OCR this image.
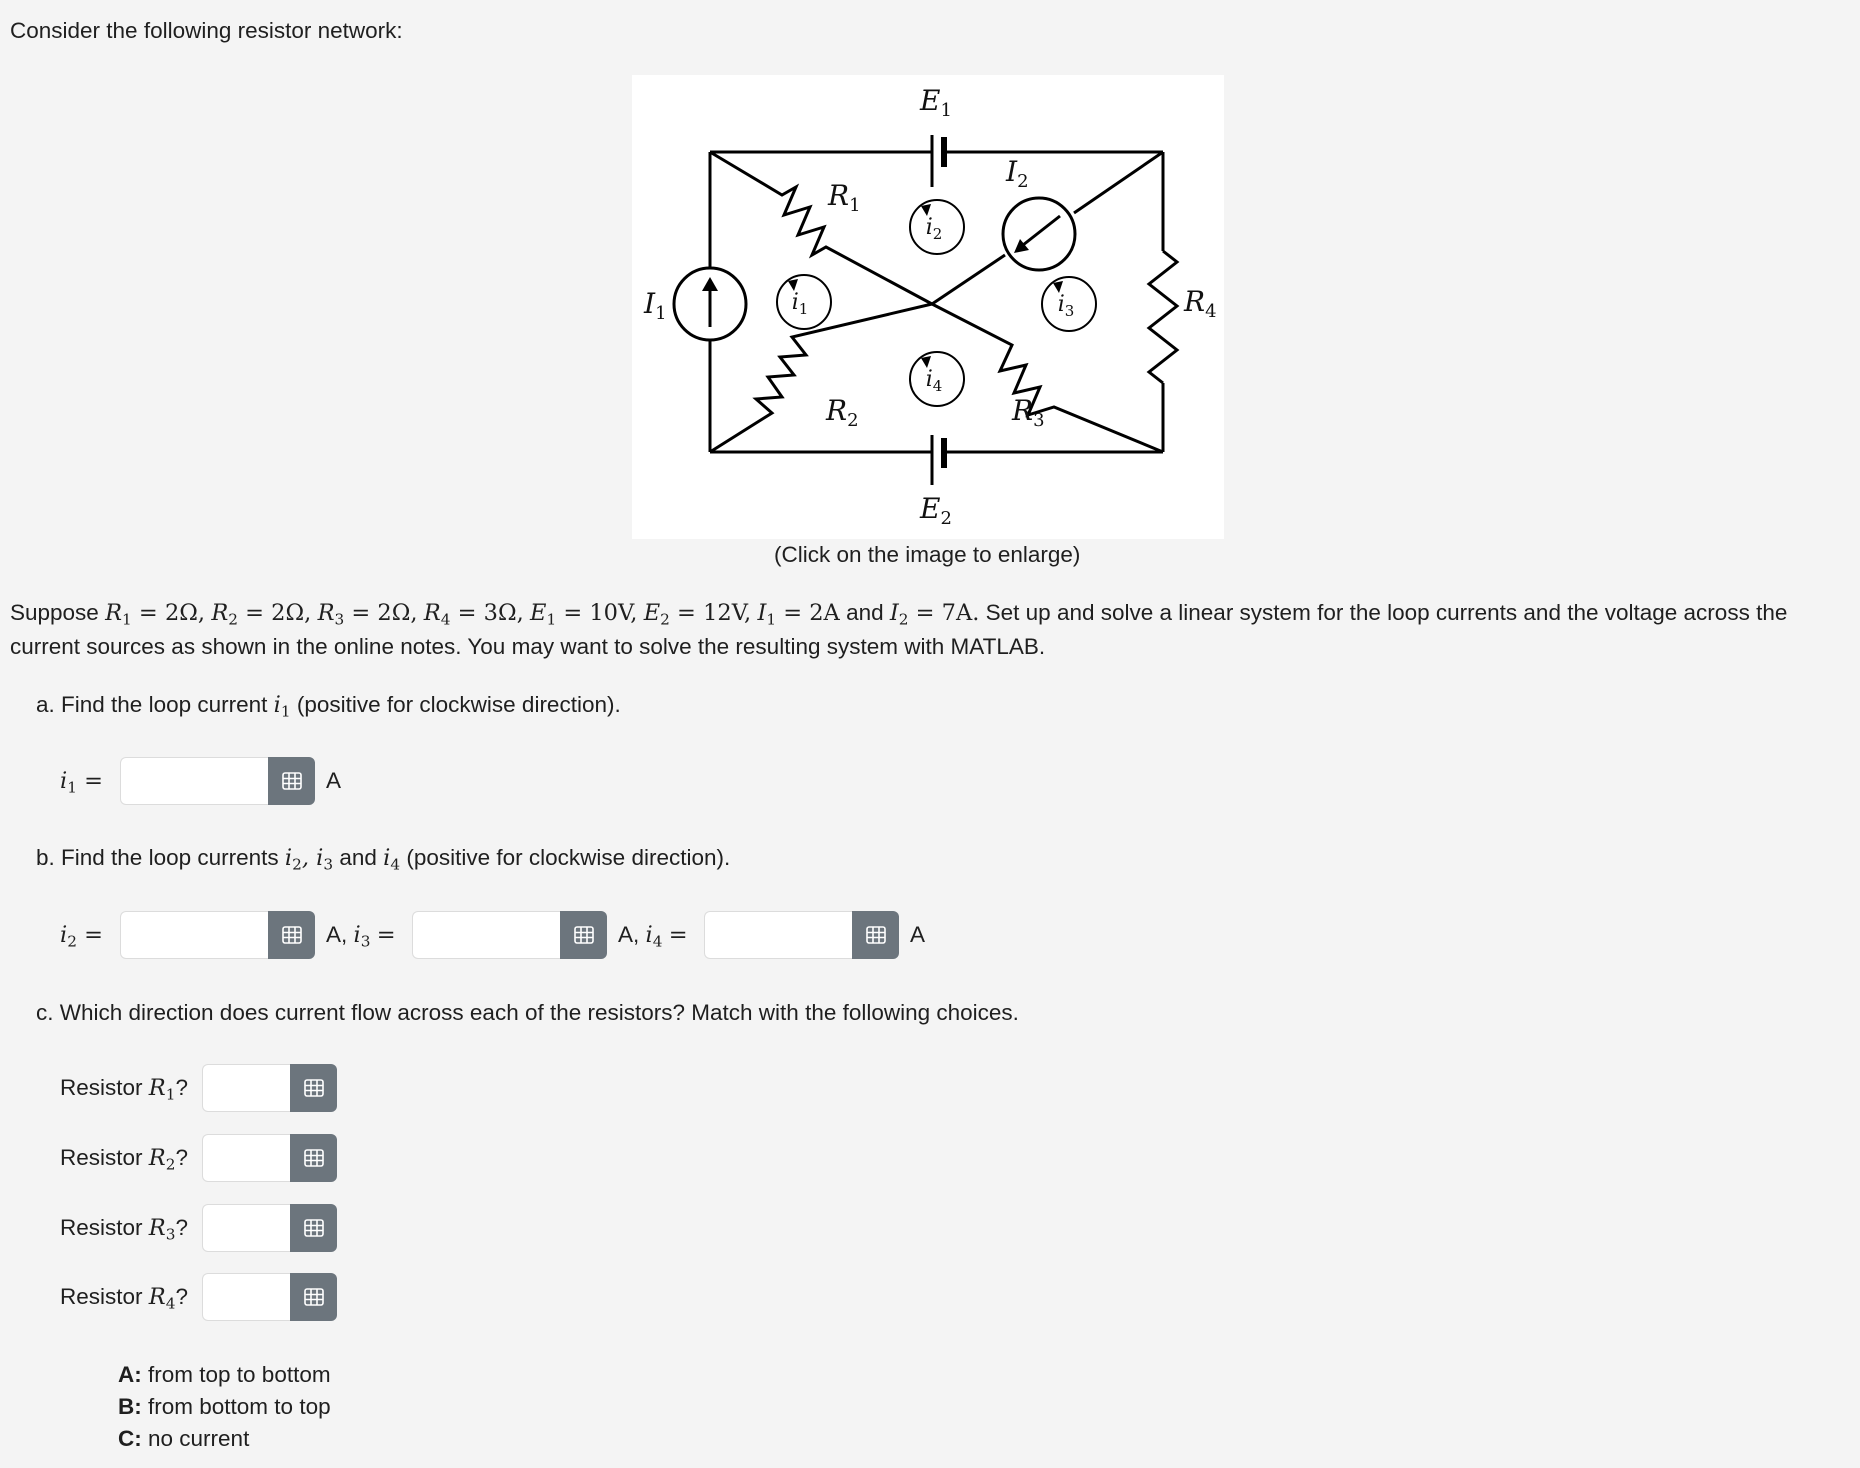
Consider the following resistor network:
$E_1$
$E_2$
$I_1$
$I_2$
$R_1$
$R_2$	$R_3$
$R_4$
$i_1$
$i_2$
$i_3$
$i_4$
(Click on the image to enlarge)
Suppose $R_1 = 2\Omega$, $R_2 = 2\Omega$, $R_3 = 2\Omega$, $R_4 = 3\Omega$, $E_1 = 10V$, $E_2 = 12V$, $I_1 = 2A$ and $I_2 = 7A$. Set up and solve a linear system for the loop currents and the voltage across the
current sources as shown in the online notes. You may want to solve the resulting system with MATLAB.
a. Find the loop current $i_1$ (positive for clockwise direction).
$i_1$ =	A
b. Find the loop currents $i_2$, $i_3$ and $i_4$ (positive for clockwise direction).
$i_2$ =	A, $i_3$ =	A, $i_4$ =	A
c. Which direction does current flow across each of the resistors? Match with the following choices.
Resistor $R_1$?
Resistor $R_2$?
Resistor $R_3$?
Resistor $R_4$?
A: from top to bottom
B: from bottom to top
C: no current
